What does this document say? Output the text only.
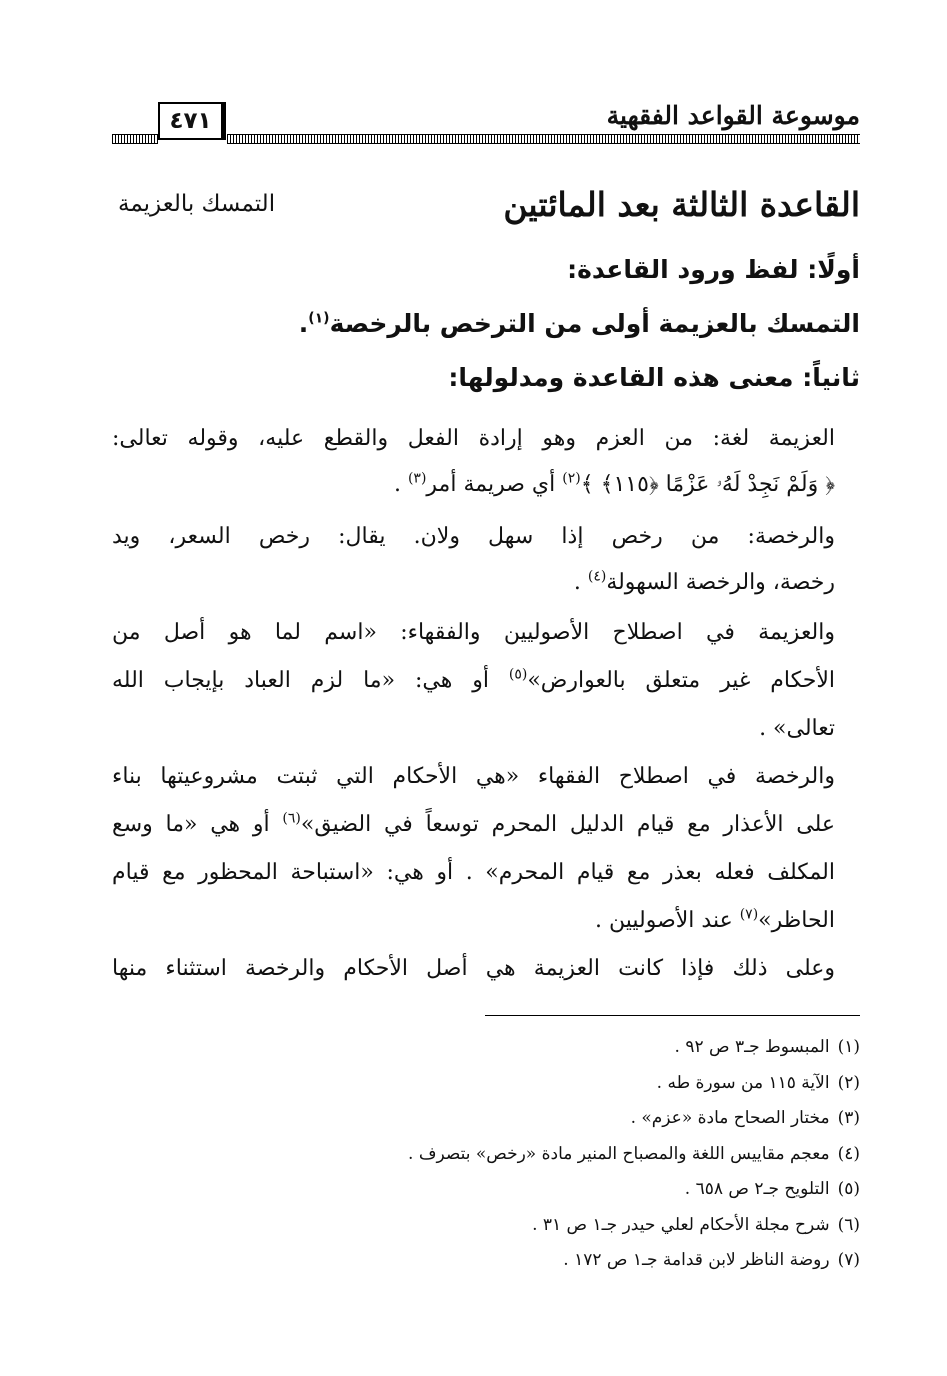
موسوعة القواعد الفقهية
٤٧١
القاعدة الثالثة بعد المائتين
التمسك بالعزيمة
أولًا: لفظ ورود القاعدة:
التمسك بالعزيمة أولى من الترخص بالرخصة$^{(١)}$.
ثانياً: معنى هذه القاعدة ومدلولها:
العزيمة لغة: من العزم وهو إرادة الفعل والقطع عليه، وقوله تعالى:
﴿ وَلَمْ نَجِدْ لَهُۥ عَزْمًا ﴿١١٥﴾ ﴾$^{(٢)}$ أي صريمة أمر$^{(٣)}$ .
والرخصة: من رخص إذا سهل ولان. يقال: رخص السعر، ويد
رخصة، والرخصة السهولة$^{(٤)}$ .
والعزيمة في اصطلاح الأصوليين والفقهاء: «اسم لما هو أصل من
الأحكام غير متعلق بالعوارض»$^{(٥)}$ أو هي: «ما لزم العباد بإيجاب الله
تعالى» .
والرخصة في اصطلاح الفقهاء «هي الأحكام التي ثبتت مشروعيتها بناء
على الأعذار مع قيام الدليل المحرم توسعاً في الضيق»$^{(٦)}$ أو هي «ما وسع
المكلف فعله بعذر مع قيام المحرم» . أو هي: «استباحة المحظور مع قيام
الحاظر»$^{(٧)}$ عند الأصوليين .
وعلى ذلك فإذا كانت العزيمة هي أصل الأحكام والرخصة استثناء منها
(١)المبسوط جـ٣ ص ٩٢ .
(٢)الآية ١١٥ من سورة طه .
(٣)مختار الصحاح مادة «عزم» .
(٤)معجم مقاييس اللغة والمصباح المنير مادة «رخص» بتصرف .
(٥)التلويح جـ٢ ص ٦٥٨ .
(٦)شرح مجلة الأحكام لعلي حيدر جـ١ ص ٣١ .
(٧)روضة الناظر لابن قدامة جـ١ ص ١٧٢ .
